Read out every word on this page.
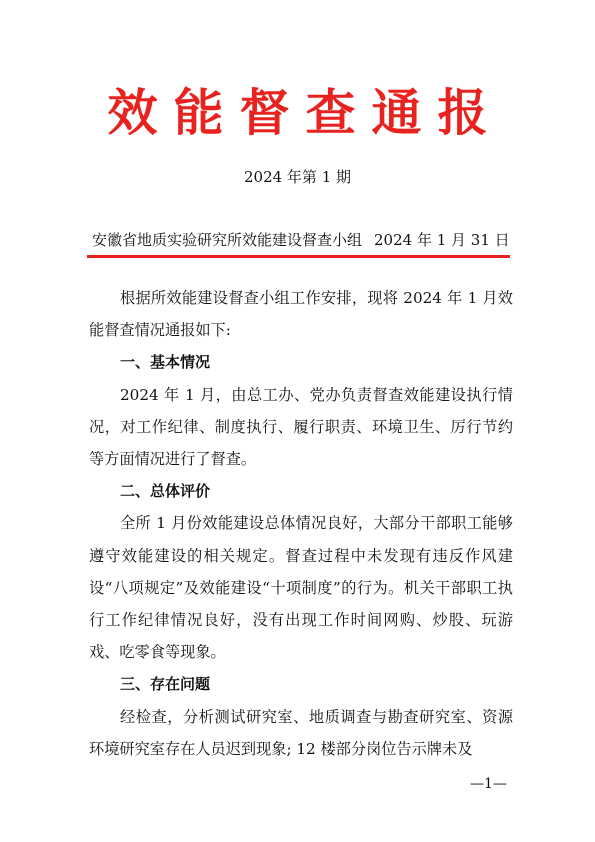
效能督查通报
2024 年第 1 期
安徽省地质实验研究所效能建设督查小组 2024 年 1 月 31 日

根据所效能建设督查小组工作安排，现将 2024 年 1 月效能督查情况通报如下:

一、基本情况

2024 年 1 月，由总工办、党办负责督查效能建设执行情况，对工作纪律、制度执行、履行职责、环境卫生、厉行节约等方面情况进行了督查。

二、总体评价

全所 1 月份效能建设总体情况良好，大部分干部职工能够遵守效能建设的相关规定。督查过程中未发现有违反作风建设“八项规定”及效能建设“十项制度”的行为。机关干部职工执行工作纪律情况良好，没有出现工作时间网购、炒股、玩游戏、吃零食等现象。

三、存在问题

经检查，分析测试研究室、地质调查与勘查研究室、资源环境研究室存在人员迟到现象; 12 楼部分岗位告示牌未及

—1—
